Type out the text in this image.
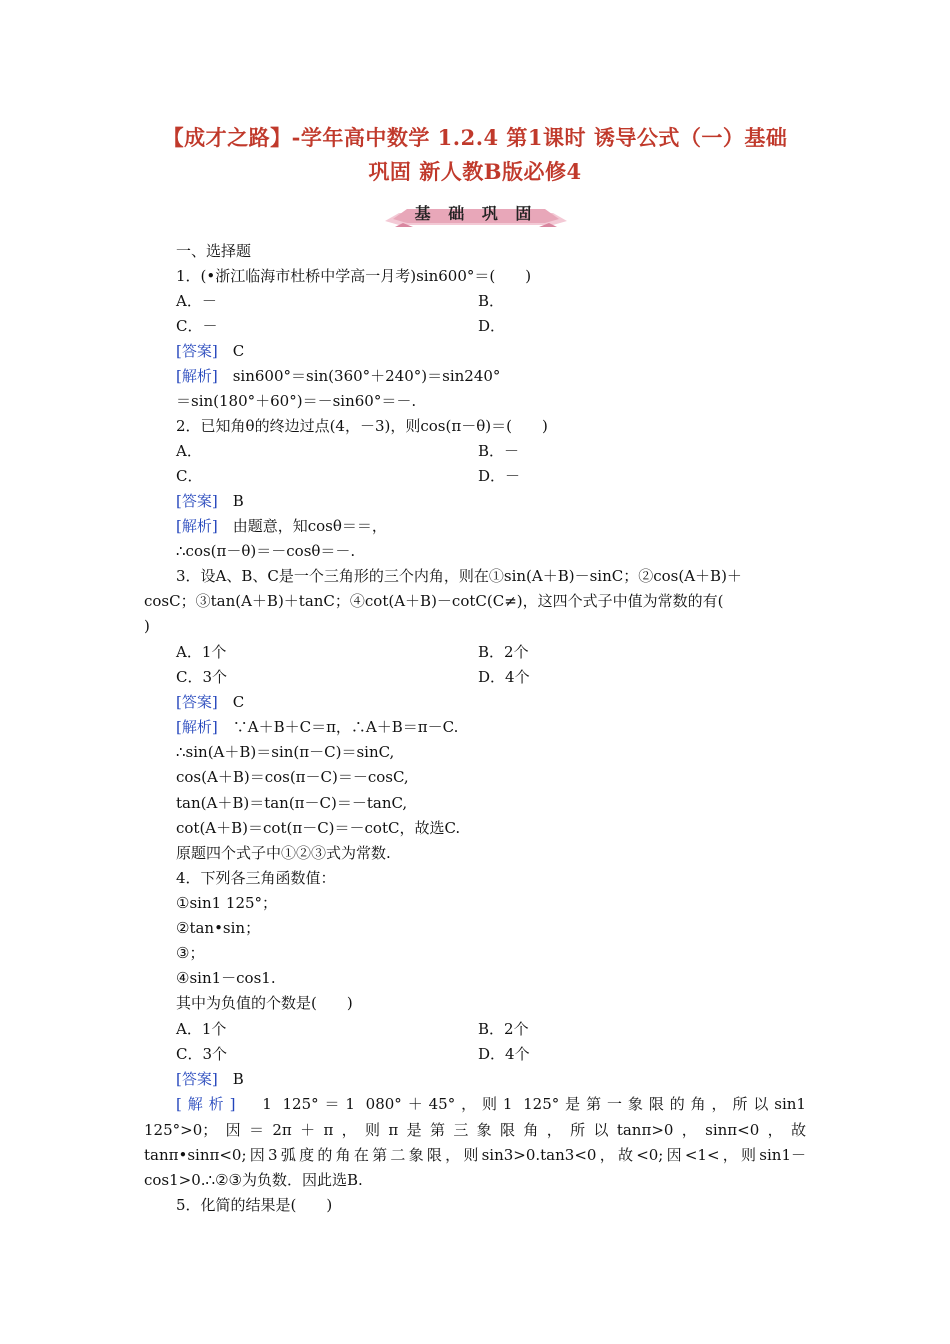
【成才之路】-学年高中数学 1.2.4 第1课时 诱导公式（一）基础
巩固 新人教B版必修4
基 础 巩 固
一、选择题
1．(•浙江临海市杜桥中学高一月考)sin600°＝(　　)
A．－	B．
C．－	D．
[答案]　 C
[解析]　 sin600°＝sin(360°＋240°)＝sin240°
＝sin(180°＋60°)＝－sin60°＝－.
2．已知角θ的终边过点(4，－3)，则cos(π－θ)＝(　　)
A．	B．－
C．	D．－
[答案]　 B
[解析]　 由题意，知cosθ＝＝，
∴cos(π－θ)＝－cosθ＝－.
3．设A、B、C是一个三角形的三个内角，则在①sin(A＋B)－sinC；②cos(A＋B)＋
cosC；③tan(A＋B)＋tanC；④cot(A＋B)－cotC(C≠)，这四个式子中值为常数的有(
)
A．1个	B．2个
C．3个	D．4个
[答案]　 C
[解析]　 ∵A＋B＋C＝π，∴A＋B＝π－C.
∴sin(A＋B)＝sin(π－C)＝sinC,
cos(A＋B)＝cos(π－C)＝－cosC,
tan(A＋B)＝tan(π－C)＝－tanC,
cot(A＋B)＝cot(π－C)＝－cotC，故选C.
原题四个式子中①②③式为常数.
4．下列各三角函数值：
①sin1 125°；
②tan•sin；
③；
④sin1－cos1.
其中为负值的个数是(　　)
A．1个	B．2个
C．3个	D．4个
[答案]　 B
[解析]　 1 125°＝1 080°＋45°，则1 125°是第一象限的角，所以sin1
125°>0；因＝2π＋π，则π是第三象限角，所以tanπ>0，sinπ<0，故
tanπ•sinπ<0;因3弧度的角在第二象限，则sin3>0.tan3<0，故<0;因<1<，则sin1－
cos1>0.∴②③为负数．因此选B.
5．化简的结果是(　　)
